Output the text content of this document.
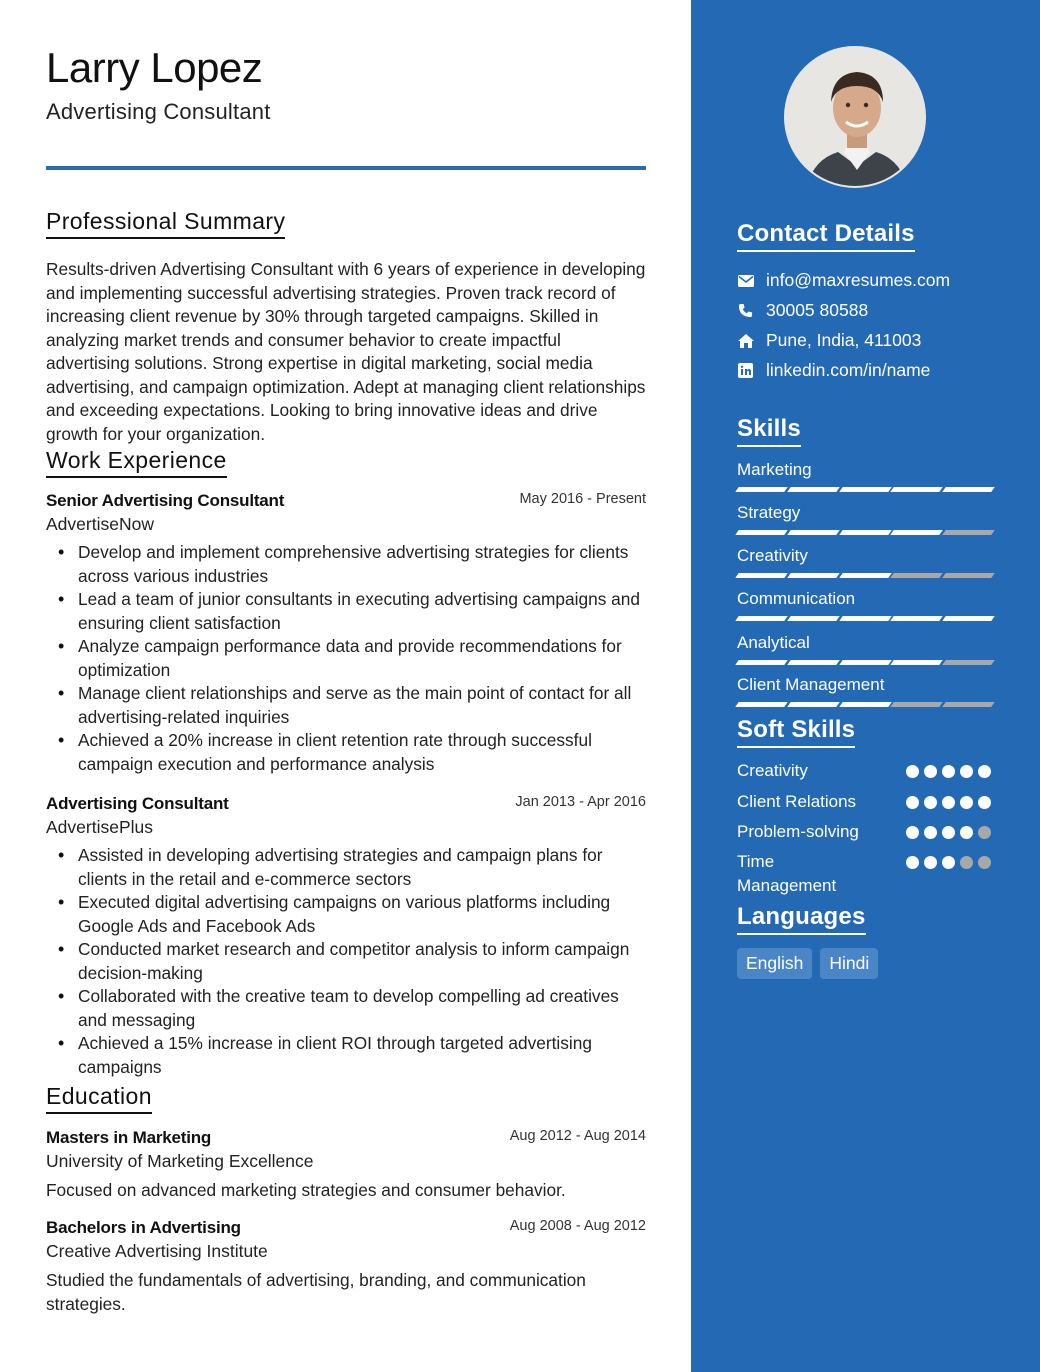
Larry Lopez
Advertising Consultant
Professional Summary
Results-driven Advertising Consultant with 6 years of experience in developing and implementing successful advertising strategies. Proven track record of increasing client revenue by 30% through targeted campaigns. Skilled in analyzing market trends and consumer behavior to create impactful advertising solutions. Strong expertise in digital marketing, social media advertising, and campaign optimization. Adept at managing client relationships and exceeding expectations. Looking to bring innovative ideas and drive growth for your organization.
Work Experience
Senior Advertising Consultant	May 2016 - Present
AdvertiseNow
• Develop and implement comprehensive advertising strategies for clients across various industries
• Lead a team of junior consultants in executing advertising campaigns and ensuring client satisfaction
• Analyze campaign performance data and provide recommendations for optimization
• Manage client relationships and serve as the main point of contact for all advertising-related inquiries
• Achieved a 20% increase in client retention rate through successful campaign execution and performance analysis
Advertising Consultant	Jan 2013 - Apr 2016
AdvertisePlus
• Assisted in developing advertising strategies and campaign plans for clients in the retail and e-commerce sectors
• Executed digital advertising campaigns on various platforms including Google Ads and Facebook Ads
• Conducted market research and competitor analysis to inform campaign decision-making
• Collaborated with the creative team to develop compelling ad creatives and messaging
• Achieved a 15% increase in client ROI through targeted advertising campaigns
Education
Masters in Marketing	Aug 2012 - Aug 2014
University of Marketing Excellence
Focused on advanced marketing strategies and consumer behavior.
Bachelors in Advertising	Aug 2008 - Aug 2012
Creative Advertising Institute
Studied the fundamentals of advertising, branding, and communication strategies.
Contact Details
info@maxresumes.com
30005 80588
Pune, India, 411003
linkedin.com/in/name
Skills
Marketing
Strategy
Creativity
Communication
Analytical
Client Management
Soft Skills
Creativity
Client Relations
Problem-solving
Time Management
Languages
English	Hindi
